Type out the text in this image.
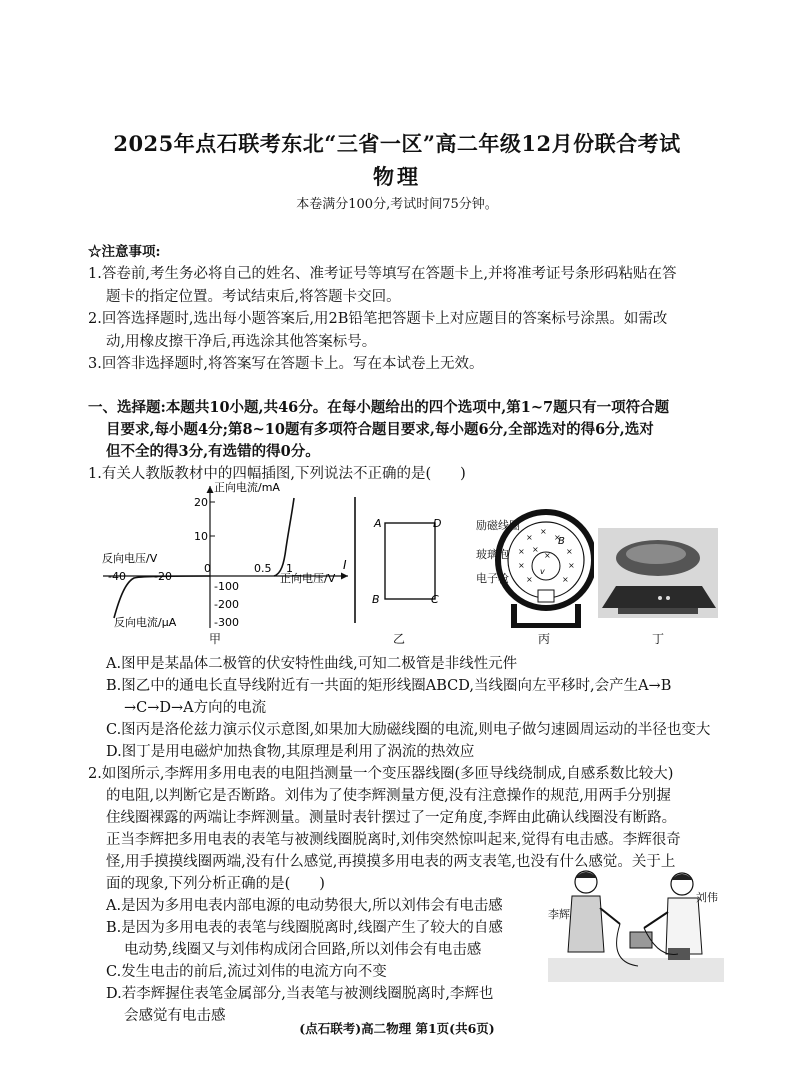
2025年点石联考东北“三省一区”高二年级12月份联合考试
物理
本卷满分100分,考试时间75分钟。
☆注意事项:
1.答卷前,考生务必将自己的姓名、准考证号等填写在答题卡上,并将准考证号条形码粘贴在答
题卡的指定位置。考试结束后,将答题卡交回。
2.回答选择题时,选出每小题答案后,用2B铅笔把答题卡上对应题目的答案标号涂黑。如需改
动,用橡皮擦干净后,再选涂其他答案标号。
3.回答非选择题时,将答案写在答题卡上。写在本试卷上无效。
一、选择题:本题共10小题,共46分。在每小题给出的四个选项中,第1~7题只有一项符合题
目要求,每小题4分;第8~10题有多项符合题目要求,每小题6分,全部选对的得6分,选对
但不全的得3分,有选错的得0分。
1.有关人教版教材中的四幅插图,下列说法不正确的是(　　)
正向电流/mA
反向电压/V
正向电压/V
反向电流/μA
20
10
-100
-200
-300
-40	-20
0	0.5 1
甲
I
A	D
B	C
乙
×
×
×
× ×	×
×	×
×	×
×
B
v
励磁线圈
玻璃泡
电子枪
丙	丁
A.图甲是某晶体二极管的伏安特性曲线,可知二极管是非线性元件
B.图乙中的通电长直导线附近有一共面的矩形线圈ABCD,当线圈向左平移时,会产生A→B
→C→D→A方向的电流
C.图丙是洛伦兹力演示仪示意图,如果加大励磁线圈的电流,则电子做匀速圆周运动的半径也变大
D.图丁是用电磁炉加热食物,其原理是利用了涡流的热效应
2.如图所示,李辉用多用电表的电阻挡测量一个变压器线圈(多匝导线绕制成,自感系数比较大)
的电阻,以判断它是否断路。刘伟为了使李辉测量方便,没有注意操作的规范,用两手分别握
住线圈裸露的两端让李辉测量。测量时表针摆过了一定角度,李辉由此确认线圈没有断路。
正当李辉把多用电表的表笔与被测线圈脱离时,刘伟突然惊叫起来,觉得有电击感。李辉很奇
怪,用手摸摸线圈两端,没有什么感觉,再摸摸多用电表的两支表笔,也没有什么感觉。关于上
面的现象,下列分析正确的是(　　)
A.是因为多用电表内部电源的电动势很大,所以刘伟会有电击感
B.是因为多用电表的表笔与线圈脱离时,线圈产生了较大的自感
电动势,线圈又与刘伟构成闭合回路,所以刘伟会有电击感
C.发生电击的前后,流过刘伟的电流方向不变
D.若李辉握住表笔金属部分,当表笔与被测线圈脱离时,李辉也
会感觉有电击感
李辉
刘伟
(点石联考)高二物理 第1页(共6页)
